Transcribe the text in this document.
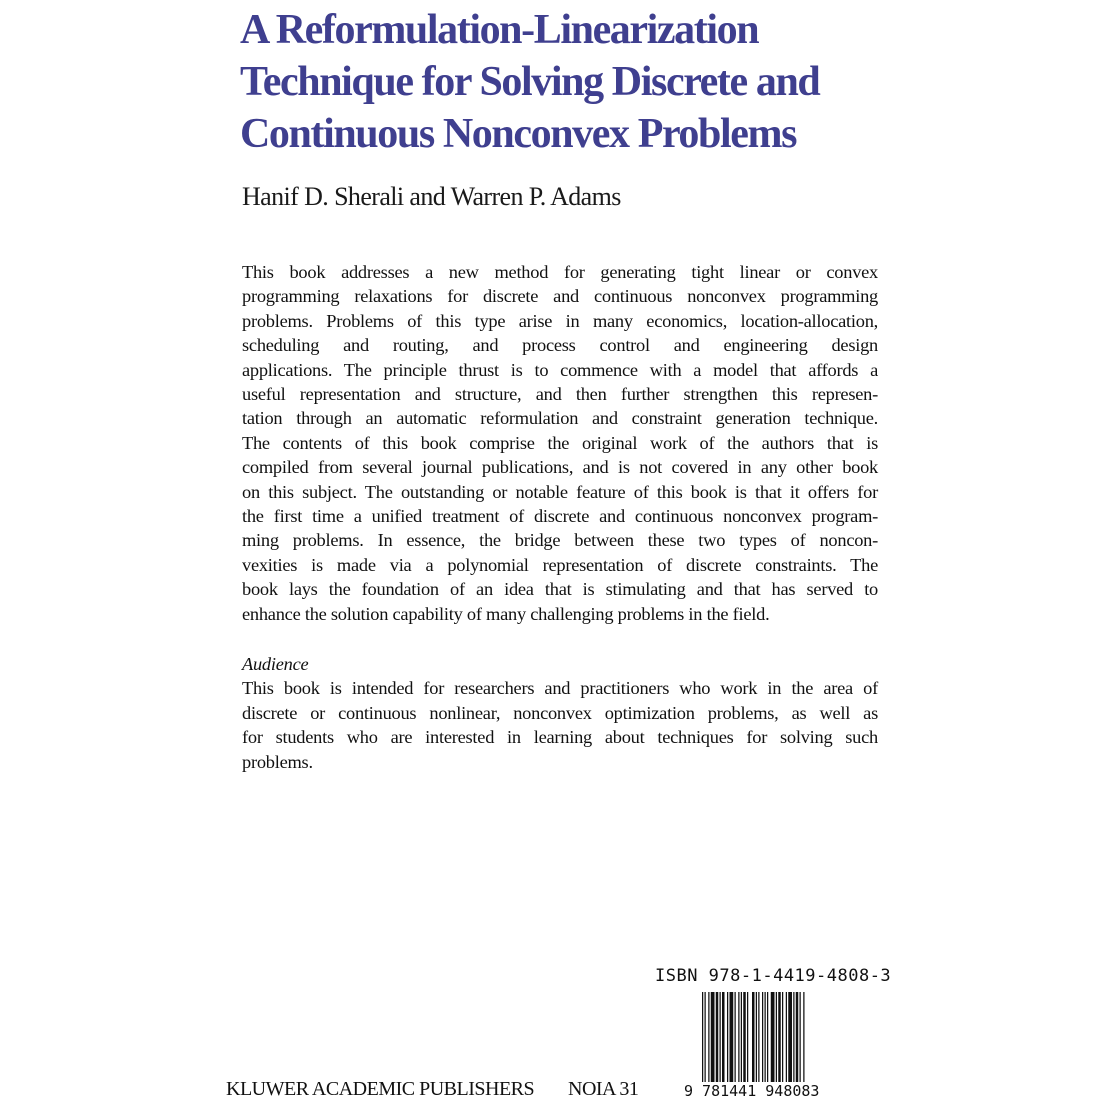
A Reformulation-Linearization
Technique for Solving Discrete and
Continuous Nonconvex Problems
Hanif D. Sherali and Warren P. Adams
This book addresses a new method for generating tight linear or convex
programming relaxations for discrete and continuous nonconvex programming
problems. Problems of this type arise in many economics, location-allocation,
scheduling and routing, and process control and engineering design
applications. The principle thrust is to commence with a model that affords a
useful representation and structure, and then further strengthen this represen-
tation through an automatic reformulation and constraint generation technique.
The contents of this book comprise the original work of the authors that is
compiled from several journal publications, and is not covered in any other book
on this subject. The outstanding or notable feature of this book is that it offers for
the first time a unified treatment of discrete and continuous nonconvex program-
ming problems. In essence, the bridge between these two types of noncon-
vexities is made via a polynomial representation of discrete constraints. The
book lays the foundation of an idea that is stimulating and that has served to
enhance the solution capability of many challenging problems in the field.
Audience
This book is intended for researchers and practitioners who work in the area of
discrete or continuous nonlinear, nonconvex optimization problems, as well as
for students who are interested in learning about techniques for solving such
problems.
ISBN 978-1-4419-4808-3
9 781441 948083
KLUWER ACADEMIC PUBLISHERS NOIA 31
